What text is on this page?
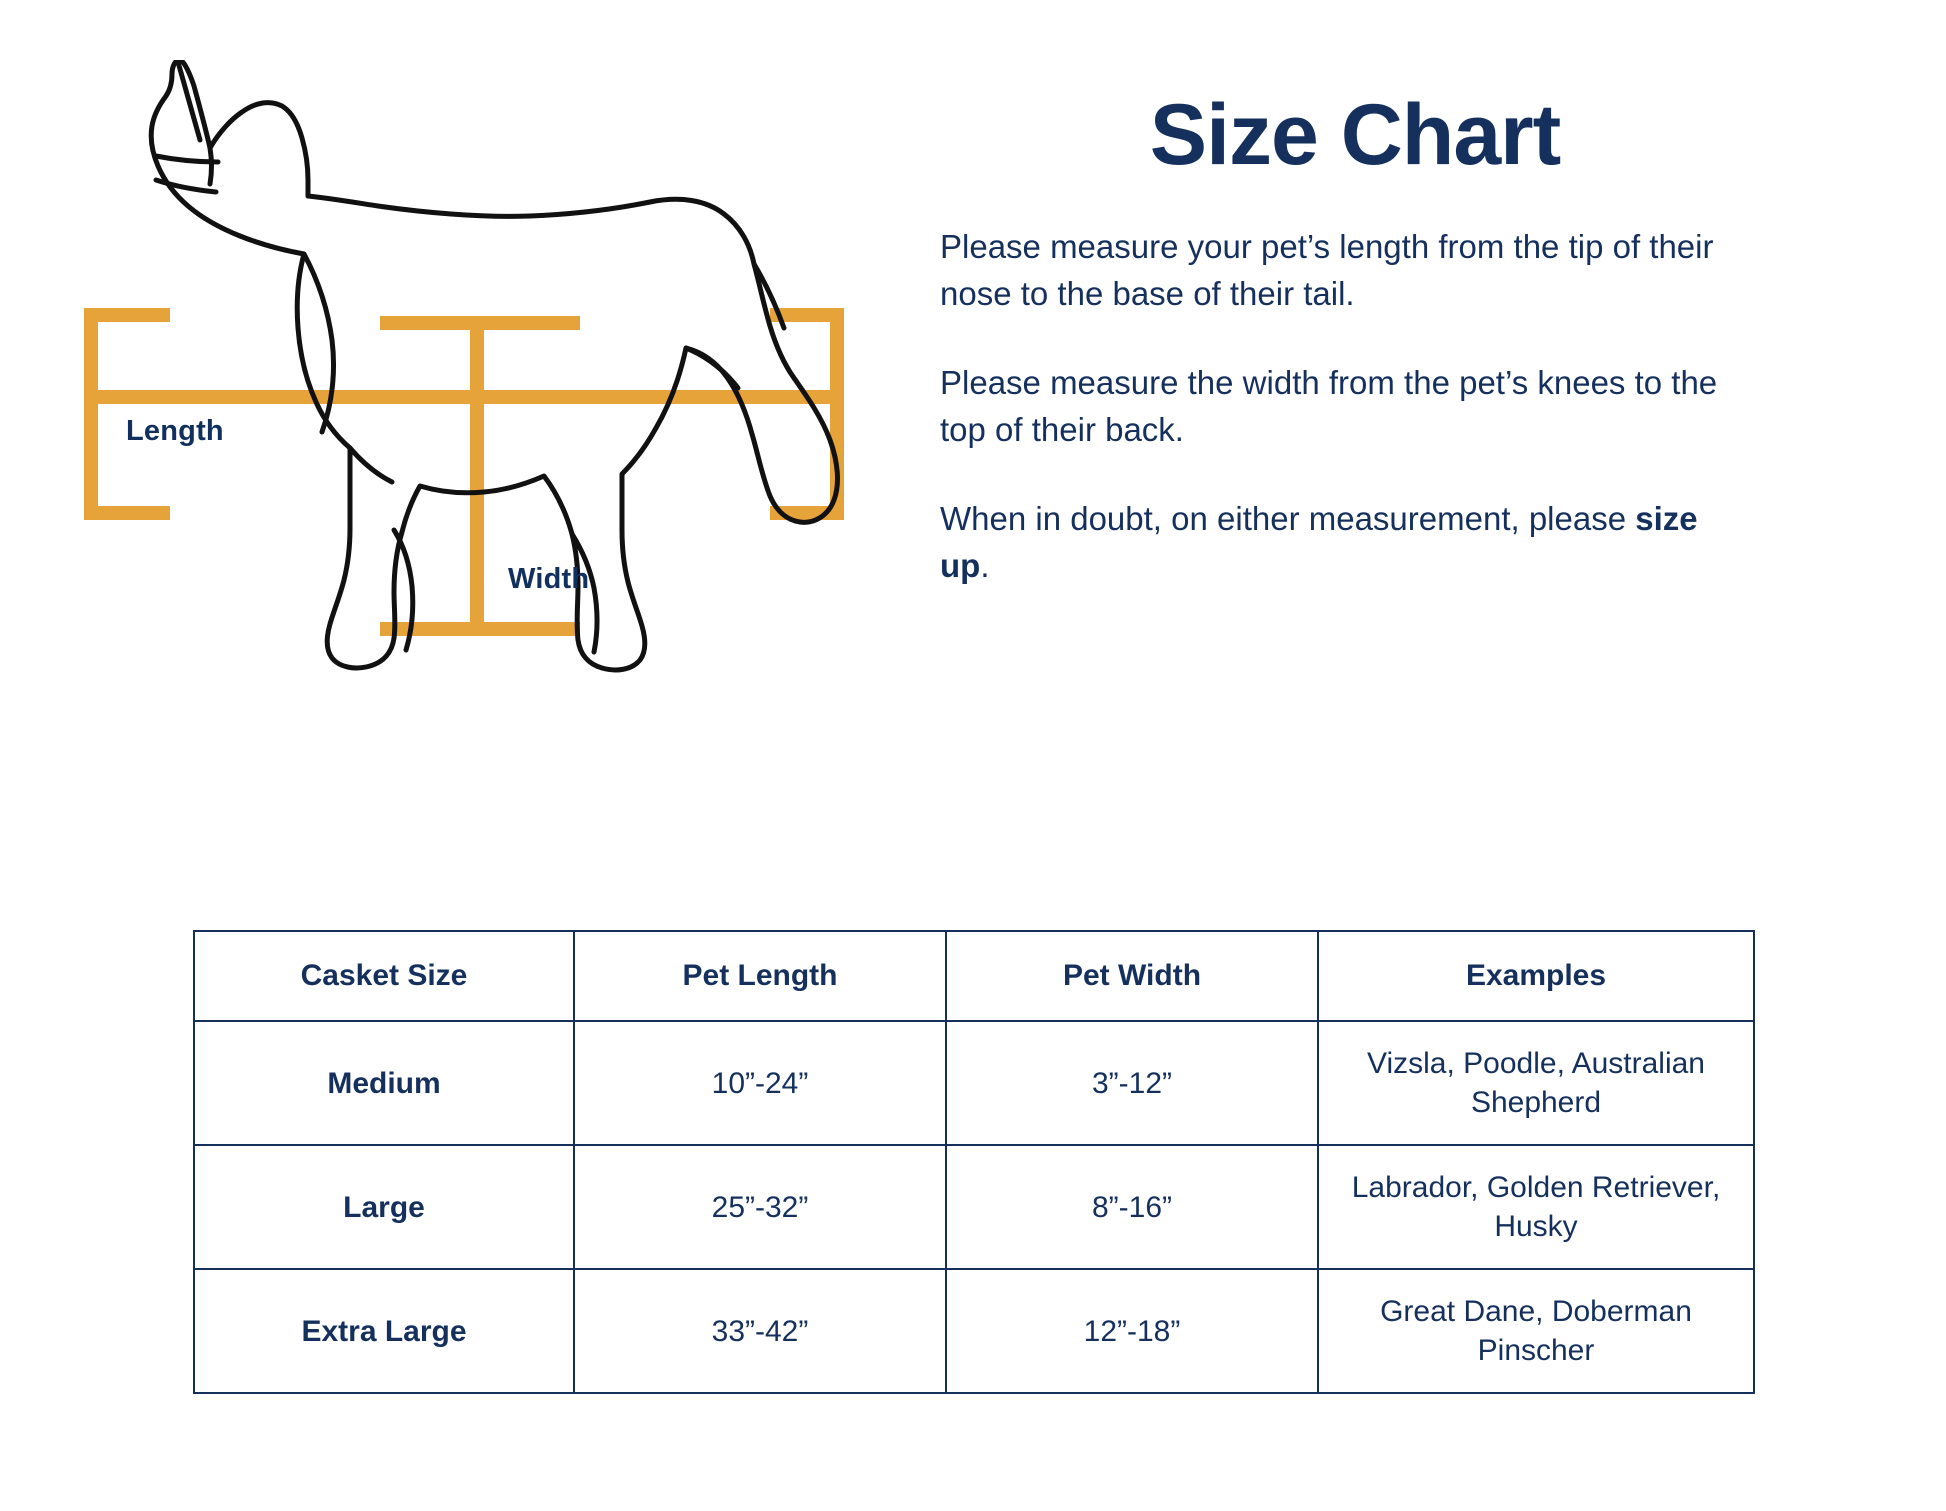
Length
Width
Size Chart

Please measure your pet’s length from the tip of their nose to the base of their tail.

Please measure the width from the pet’s knees to the top of their back.

When in doubt, on either measurement, please size up.

Casket Size	Pet Length	Pet Width	Examples
Medium	10”-24”	3”-12”	Vizsla, Poodle, Australian Shepherd
Large	25”-32”	8”-16”	Labrador, Golden Retriever, Husky
Extra Large	33”-42”	12”-18”	Great Dane, Doberman Pinscher
